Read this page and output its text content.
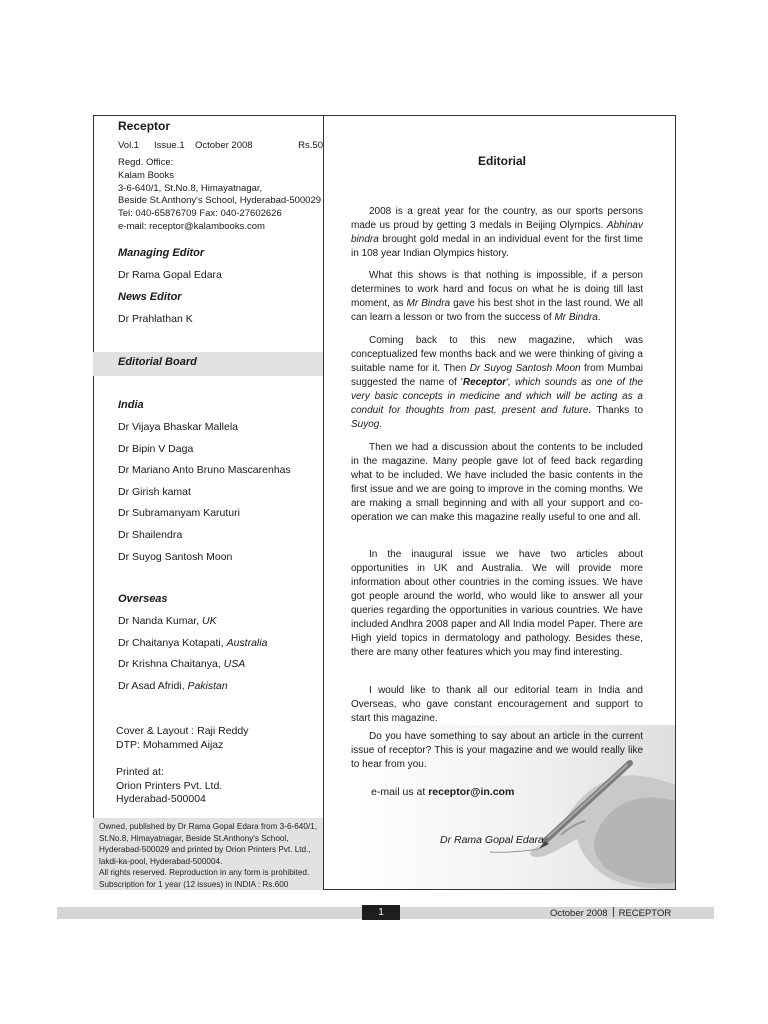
Receptor
Vol.1 Issue.1 October 2008	Rs.50
Regd. Office:
Kalam Books
3-6-640/1, St.No.8, Himayatnagar,
Beside St.Anthony's School, Hyderabad-500029
Tel: 040-65876709 Fax: 040-27602626
e-mail: receptor@kalambooks.com
Managing Editor
Dr Rama Gopal Edara
News Editor
Dr Prahlathan K
Editorial Board
India
Dr Vijaya Bhaskar Mallela
Dr Bipin V Daga
Dr Mariano Anto Bruno Mascarenhas
Dr Girish kamat
Dr Subramanyam Karuturi
Dr Shailendra
Dr Suyog Santosh Moon
Overseas
Dr Nanda Kumar, UK
Dr Chaitanya Kotapati, Australia
Dr Krishna Chaitanya, USA
Dr Asad Afridi, Pakistan
Cover & Layout : Raji Reddy
DTP: Mohammed Aijaz
Printed at:
Orion Printers Pvt. Ltd.
Hyderabad-500004

Owned, published by Dr Rama Gopal Edara from 3-6-640/1,

St.No.8, Himayatnagar, Beside St.Anthony's School,

Hyderabad-500029 and printed by Orion Printers Pvt. Ltd.,

lakdi-ka-pool, Hyderabad-500004.

All rights reserved. Reproduction in any form is prohibited.

Subscription for 1 year (12 issues) in INDIA : Rs.600

Editorial
2008 is a great year for the country, as our sports persons made us proud by getting 3 medals in Beijing Olympics. Abhinav bindra brought gold medal in an individual event for the first time in 108 year Indian Olympics history.
What this shows is that nothing is impossible, if a person determines to work hard and focus on what he is doing till last moment, as Mr Bindra gave his best shot in the last round. We all can learn a lesson or two from the success of Mr Bindra.
Coming back to this new magazine, which was conceptualized few months back and we were thinking of giving a suitable name for it. Then Dr Suyog Santosh Moon from Mumbai suggested the name of 'Receptor', which sounds as one of the very basic concepts in medicine and which will be acting as a conduit for thoughts from past, present and future. Thanks to Suyog.
Then we had a discussion about the contents to be included in the magazine. Many people gave lot of feed back regarding what to be included. We have included the basic contents in the first issue and we are going to improve in the coming months. We are making a small beginning and with all your support and co-operation we can make this magazine really useful to one and all.
In the inaugural issue we have two articles about opportunities in UK and Australia. We will provide more information about other countries in the coming issues. We have got people around the world, who would like to answer all your queries regarding the opportunities in various countries. We have included Andhra 2008 paper and All India model Paper. There are High yield topics in dermatology and pathology. Besides these, there are many other features which you may find interesting.
I would like to thank all our editorial team in India and Overseas, who gave constant encouragement and support to start this magazine.
Do you have something to say about an article in the current issue of receptor? This is your magazine and we would really like to hear from you.
e-mail us at receptor@in.com
Dr Rama Gopal Edara
1	October 2008 RECEPTOR
